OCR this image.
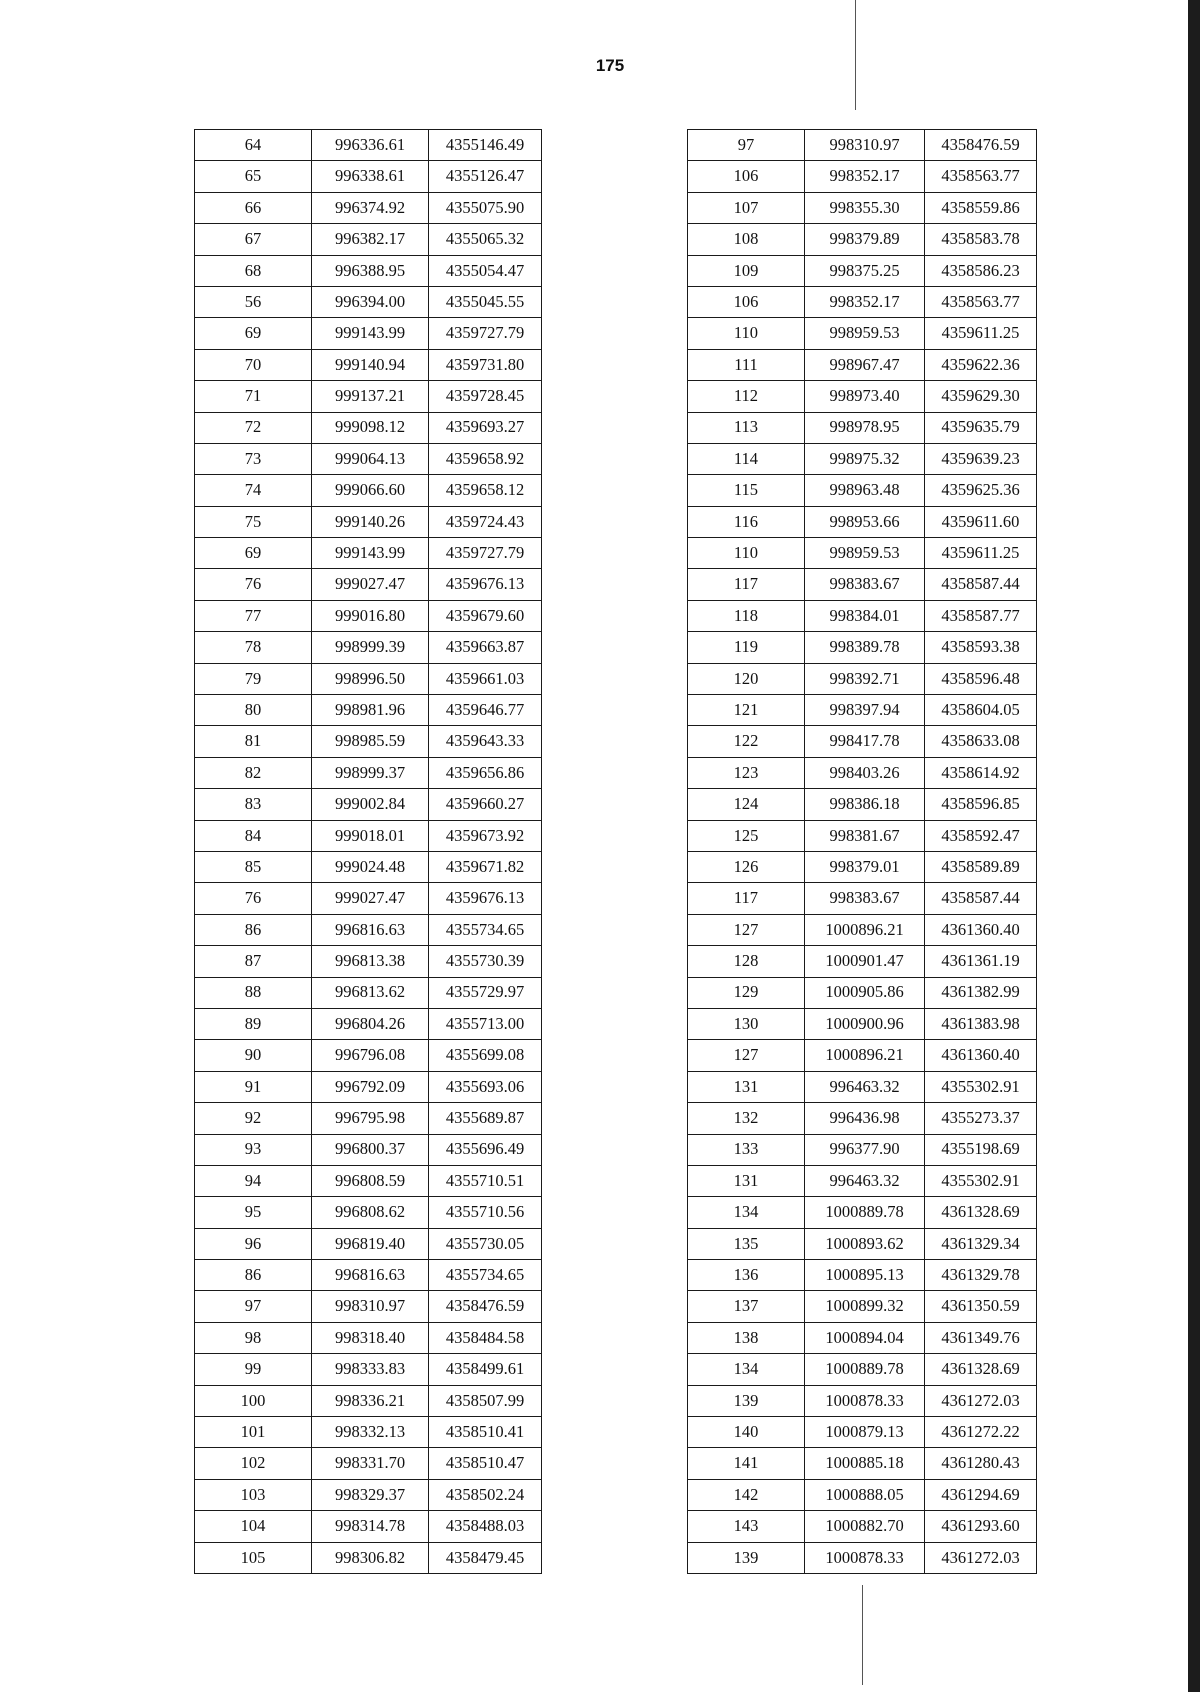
175
64	996336.61	4355146.49
65	996338.61	4355126.47
66	996374.92	4355075.90
67	996382.17	4355065.32
68	996388.95	4355054.47
56	996394.00	4355045.55
69	999143.99	4359727.79
70	999140.94	4359731.80
71	999137.21	4359728.45
72	999098.12	4359693.27
73	999064.13	4359658.92
74	999066.60	4359658.12
75	999140.26	4359724.43
69	999143.99	4359727.79
76	999027.47	4359676.13
77	999016.80	4359679.60
78	998999.39	4359663.87
79	998996.50	4359661.03
80	998981.96	4359646.77
81	998985.59	4359643.33
82	998999.37	4359656.86
83	999002.84	4359660.27
84	999018.01	4359673.92
85	999024.48	4359671.82
76	999027.47	4359676.13
86	996816.63	4355734.65
87	996813.38	4355730.39
88	996813.62	4355729.97
89	996804.26	4355713.00
90	996796.08	4355699.08
91	996792.09	4355693.06
92	996795.98	4355689.87
93	996800.37	4355696.49
94	996808.59	4355710.51
95	996808.62	4355710.56
96	996819.40	4355730.05
86	996816.63	4355734.65
97	998310.97	4358476.59
98	998318.40	4358484.58
99	998333.83	4358499.61
100	998336.21	4358507.99
101	998332.13	4358510.41
102	998331.70	4358510.47
103	998329.37	4358502.24
104	998314.78	4358488.03
105	998306.82	4358479.45
97	998310.97	4358476.59
106	998352.17	4358563.77
107	998355.30	4358559.86
108	998379.89	4358583.78
109	998375.25	4358586.23
106	998352.17	4358563.77
110	998959.53	4359611.25
111	998967.47	4359622.36
112	998973.40	4359629.30
113	998978.95	4359635.79
114	998975.32	4359639.23
115	998963.48	4359625.36
116	998953.66	4359611.60
110	998959.53	4359611.25
117	998383.67	4358587.44
118	998384.01	4358587.77
119	998389.78	4358593.38
120	998392.71	4358596.48
121	998397.94	4358604.05
122	998417.78	4358633.08
123	998403.26	4358614.92
124	998386.18	4358596.85
125	998381.67	4358592.47
126	998379.01	4358589.89
117	998383.67	4358587.44
127	1000896.21	4361360.40
128	1000901.47	4361361.19
129	1000905.86	4361382.99
130	1000900.96	4361383.98
127	1000896.21	4361360.40
131	996463.32	4355302.91
132	996436.98	4355273.37
133	996377.90	4355198.69
131	996463.32	4355302.91
134	1000889.78	4361328.69
135	1000893.62	4361329.34
136	1000895.13	4361329.78
137	1000899.32	4361350.59
138	1000894.04	4361349.76
134	1000889.78	4361328.69
139	1000878.33	4361272.03
140	1000879.13	4361272.22
141	1000885.18	4361280.43
142	1000888.05	4361294.69
143	1000882.70	4361293.60
139	1000878.33	4361272.03
